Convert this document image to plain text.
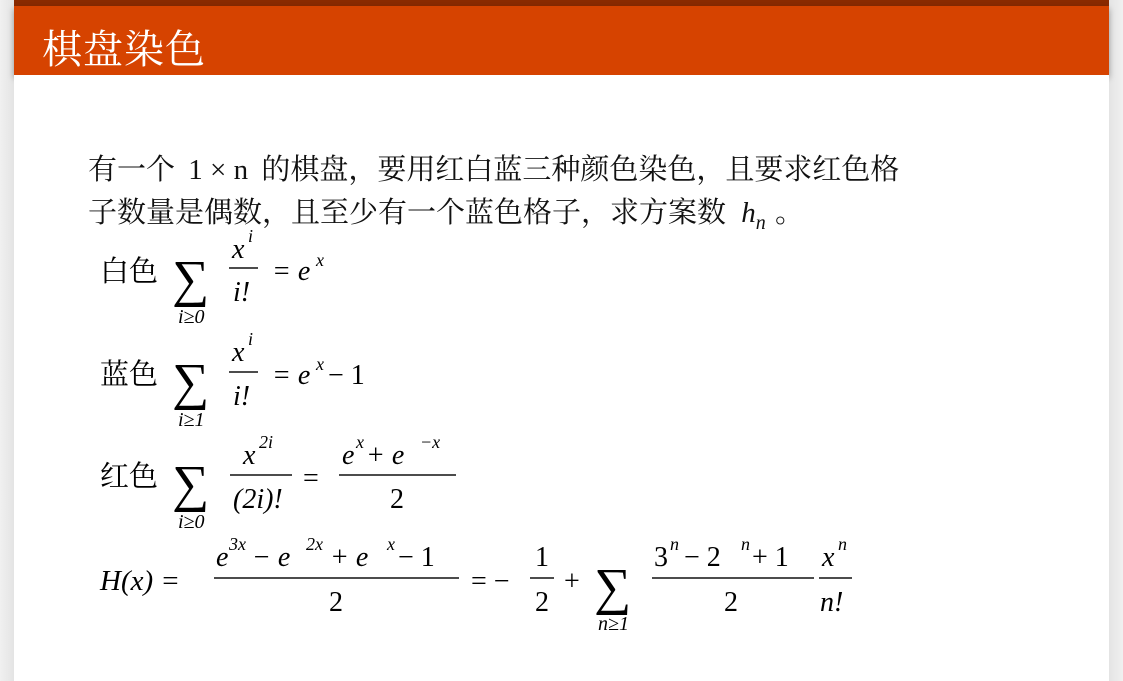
棋盘染色
有一个 1 × n 的棋盘，要用红白蓝三种颜色染色，且要求红色格
子数量是偶数，且至少有一个蓝色格子，求方案数 $h_n$ 。
白色 ∑
i≥0
x i
i!
= e x
蓝色 ∑
i≥1
x i
i!
= e x − 1
红色 ∑
i≥0
x 2i
(2i)!
=
e x + e −x
2
H(x) =
e 3x − e 2x + e x − 1
2
= −
1
2
+ ∑
n≥1
3 n − 2 n + 1
2
x n
n!
